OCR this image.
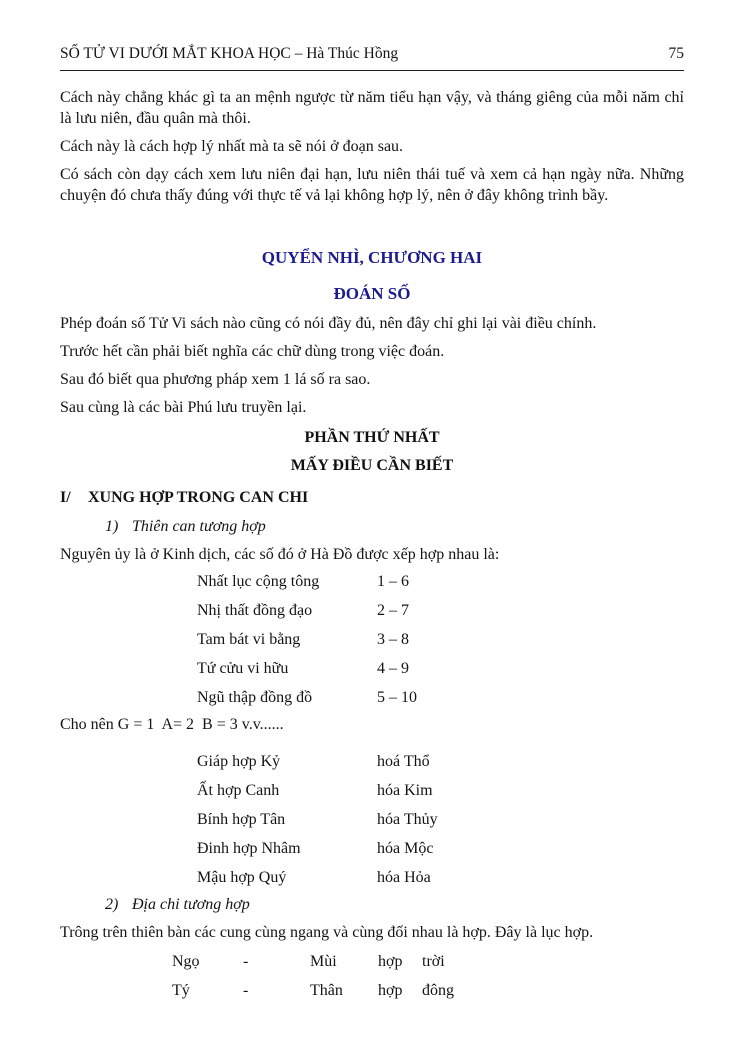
SỐ TỬ VI DƯỚI MẮT KHOA HỌC – Hà Thúc Hồng	75

Cách này chẳng khác gì ta an mệnh ngược từ năm tiểu hạn vậy, và tháng giêng của mỗi năm chỉ là lưu niên, đầu quân mà thôi.

Cách này là cách hợp lý nhất mà ta sẽ nói ở đoạn sau.

Có sách còn dạy cách xem lưu niên đại hạn, lưu niên thái tuế và xem cả hạn ngày nữa. Những chuyện đó chưa thấy đúng với thực tế vả lại không hợp lý, nên ở đây không trình bầy.

QUYỂN NHÌ, CHƯƠNG HAI
ĐOÁN SỐ

Phép đoán số Tử Vi sách nào cũng có nói đầy đủ, nên đây chỉ ghi lại vài điều chính.

Trước hết cần phải biết nghĩa các chữ dùng trong việc đoán.

Sau đó biết qua phương pháp xem 1 lá số ra sao.

Sau cùng là các bài Phú lưu truyền lại.

PHẦN THỨ NHẤT
MẤY ĐIỀU CẦN BIẾT
I/	XUNG HỢP TRONG CAN CHI
1) Thiên can tương hợp

Nguyên ủy là ở Kinh dịch, các số đó ở Hà Đồ được xếp hợp nhau là:

Nhất lục cộng tông	1 – 6
Nhị thất đồng đạo	2 – 7
Tam bát vi bằng	3 – 8
Tứ cửu vi hữu	4 – 9
Ngũ thập đồng đồ	5 – 10

Cho nên G = 1  A= 2  B = 3 v.v......

Giáp hợp Kỷ	hoá Thổ
Ất hợp Canh	hóa Kim
Bính hợp Tân	hóa Thủy
Đinh hợp Nhâm	hóa Mộc
Mậu hợp Quý	hóa Hỏa
2) Địa chi tương hợp

Trông trên thiên bàn các cung cùng ngang và cùng đối nhau là hợp. Đây là lục hợp.

Ngọ	-	Mùi	hợp trời
Tý	-	Thân hợp đông
